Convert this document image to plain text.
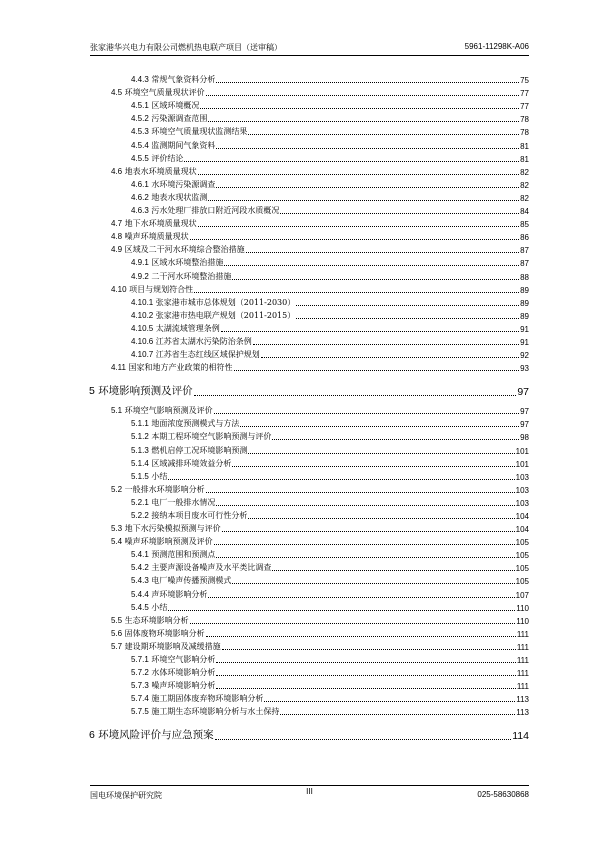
张家港华兴电力有限公司燃机热电联产项目（送审稿）	5961-11298K-A06
4.4.3 常规气象资料分析	75
4.5 环境空气质量现状评价	77
4.5.1 区域环境概况	77
4.5.2 污染源调查范围	78
4.5.3 环境空气质量现状监测结果	78
4.5.4 监测期间气象资料	81
4.5.5 评价结论	81
4.6 地表水环境质量现状	82
4.6.1 水环境污染源调查	82
4.6.2 地表水现状监测	82
4.6.3 污水处理厂排放口附近河段水质概况	84
4.7 地下水环境质量现状	85
4.8 噪声环境质量现状	86
4.9 区域及二干河水环境综合整治措施	87
4.9.1 区域水环境整治措施	87
4.9.2 二干河水环境整治措施	88
4.10 项目与规划符合性	89
4.10.1 张家港市城市总体规划（2011-2030）	89
4.10.2 张家港市热电联产规划（2011-2015）	89
4.10.5 太湖流域管理条例	91
4.10.6 江苏省太湖水污染防治条例	91
4.10.7 江苏省生态红线区域保护规划	92
4.11 国家和地方产业政策的相符性	93
5 环境影响预测及评价	97
5.1 环境空气影响预测及评价	97
5.1.1 地面浓度预测模式与方法	97
5.1.2 本期工程环境空气影响预测与评价	98
5.1.3 燃机启停工况环境影响预测	101
5.1.4 区域减排环境效益分析	101
5.1.5 小结	103
5.2 一般排水环境影响分析	103
5.2.1 电厂一般排水情况	103
5.2.2 接纳本项目废水可行性分析	104
5.3 地下水污染模拟预测与评价	104
5.4 噪声环境影响预测及评价	105
5.4.1 预测范围和预测点	105
5.4.2 主要声源设备噪声及水平类比调查	105
5.4.3 电厂噪声传播预测模式	105
5.4.4 声环境影响分析	107
5.4.5 小结	110
5.5 生态环境影响分析	110
5.6 固体废物环境影响分析	111
5.7 建设期环境影响及减缓措施	111
5.7.1 环境空气影响分析	111
5.7.2 水体环境影响分析	111
5.7.3 噪声环境影响分析	111
5.7.4 施工期固体废弃物环境影响分析	113
5.7.5 施工期生态环境影响分析与水土保持	113
6 环境风险评价与应急预案	114
国电环境保护研究院	III	025-58630868
